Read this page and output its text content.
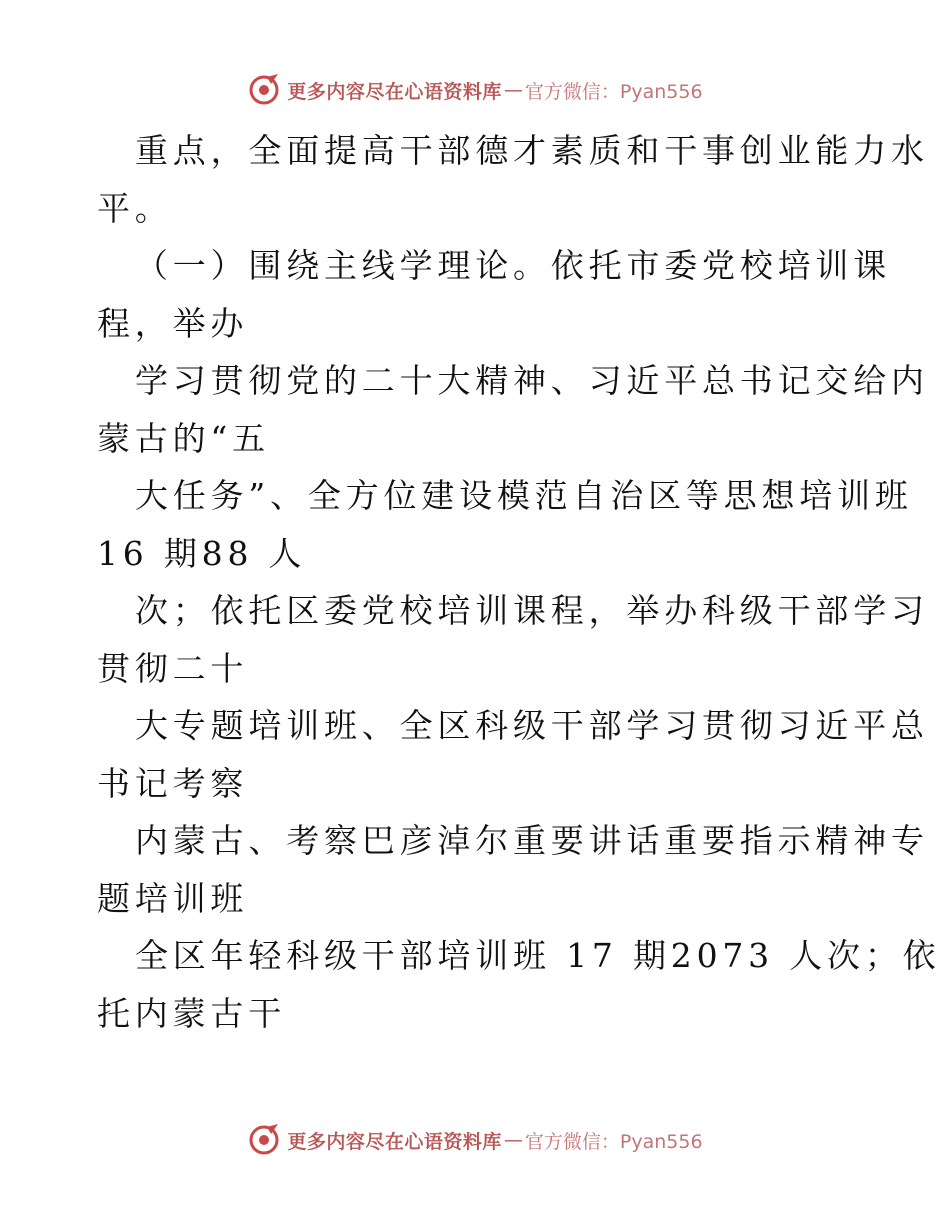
更多内容尽在心语资料库 — 官方微信：Pyan556

重点，全面提高干部德才素质和干事创业能力水

平。

（一）围绕主线学理论。依托市委党校培训课

程，举办

学习贯彻党的二十大精神、习近平总书记交给内

蒙古的“五

大任务”、全方位建设模范自治区等思想培训班

16 期88 人

次；依托区委党校培训课程，举办科级干部学习

贯彻二十

大专题培训班、全区科级干部学习贯彻习近平总

书记考察

内蒙古、考察巴彦淖尔重要讲话重要指示精神专

题培训班

全区年轻科级干部培训班 17 期2073 人次；依

托内蒙古干

更多内容尽在心语资料库 — 官方微信：Pyan556
